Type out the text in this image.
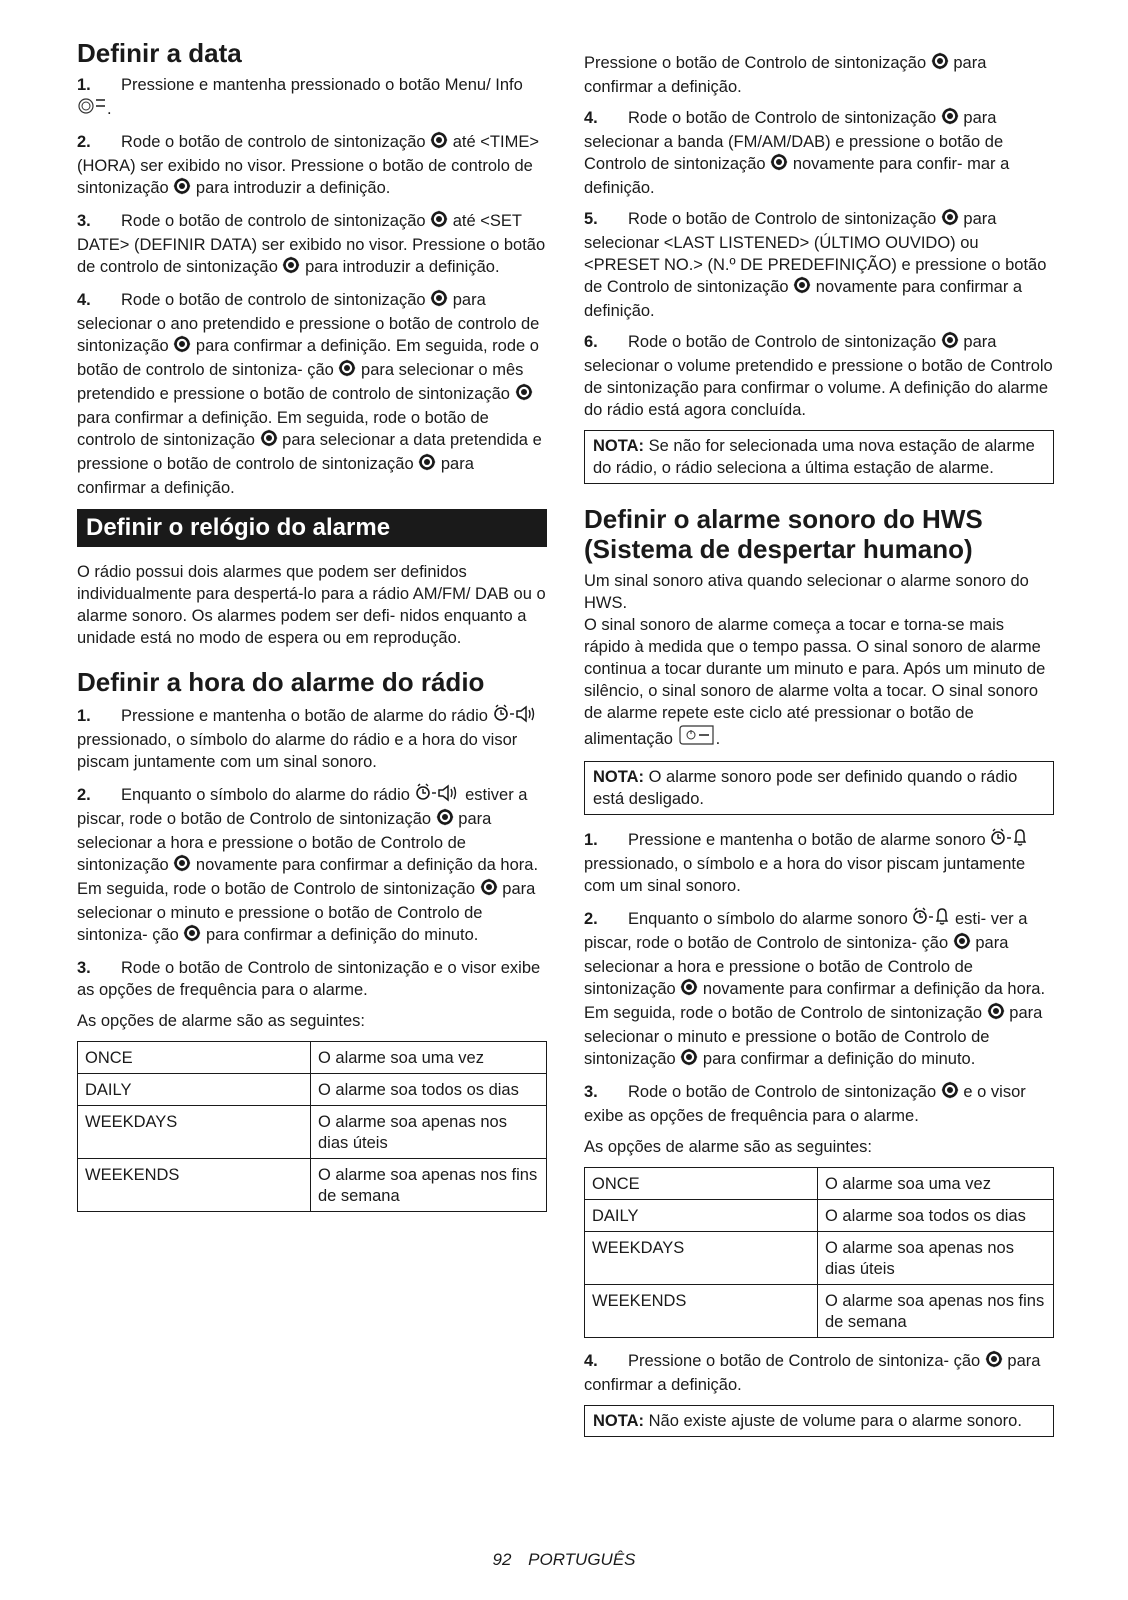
Definir a data

1. Pressione e mantenha pressionado o botão Menu/ Info .

2. Rode o botão de controlo de sintonização até <TIME> (HORA) ser exibido no visor. Pressione o botão de controlo de sintonização para introduzir a definição.

3. Rode o botão de controlo de sintonização até <SET DATE> (DEFINIR DATA) ser exibido no visor. Pressione o botão de controlo de sintonização para introduzir a definição.

4. Rode o botão de controlo de sintonização para selecionar o ano pretendido e pressione o botão de controlo de sintonização para confirmar a definição. Em seguida, rode o botão de controlo de sintoniza- ção para selecionar o mês pretendido e pressione o botão de controlo de sintonização  para confirmar a definição. Em seguida, rode o botão de controlo de sintonização para selecionar a data pretendida e pressione o botão de controlo de sintonização para confirmar a definição.

Definir o relógio do alarme

O rádio possui dois alarmes que podem ser definidos individualmente para despertá-lo para a rádio AM/FM/ DAB ou o alarme sonoro. Os alarmes podem ser defi- nidos enquanto a unidade está no modo de espera ou em reprodução.

Definir a hora do alarme do rádio

1. Pressione e mantenha o botão de alarme do rádio  pressionado, o símbolo do alarme do rádio e a hora do visor piscam juntamente com um sinal sonoro.

2. Enquanto o símbolo do alarme do rádio	estiver a piscar, rode o botão de Controlo de sintonização para selecionar a hora e pressione o botão de Controlo de sintonização novamente para confirmar a definição da hora. Em seguida, rode o botão de Controlo de sintonização para selecionar o minuto e pressione o botão de Controlo de sintoniza- ção para confirmar a definição do minuto.

3. Rode o botão de Controlo de sintonização e o visor exibe as opções de frequência para o alarme.

As opções de alarme são as seguintes:

ONCE	O alarme soa uma vez
DAILY	O alarme soa todos os dias
WEEKDAYS	O alarme soa apenas nos dias úteis
WEEKENDS	O alarme soa apenas nos fins de semana

Pressione o botão de Controlo de sintonização para confirmar a definição.

4. Rode o botão de Controlo de sintonização para selecionar a banda (FM/AM/DAB) e pressione o botão de Controlo de sintonização novamente para confir- mar a definição.

5. Rode o botão de Controlo de sintonização para selecionar <LAST LISTENED> (ÚLTIMO OUVIDO) ou <PRESET NO.> (N.º DE PREDEFINIÇÃO) e pressione o botão de Controlo de sintonização novamente para confirmar a definição.

6. Rode o botão de Controlo de sintonização para selecionar o volume pretendido e pressione o botão de Controlo de sintonização para confirmar o volume. A definição do alarme do rádio está agora concluída.

NOTA: Se não for selecionada uma nova estação de alarme do rádio, o rádio seleciona a última estação de alarme.
Definir o alarme sonoro do HWS (Sistema de despertar humano)

Um sinal sonoro ativa quando selecionar o alarme sonoro do HWS.

O sinal sonoro de alarme começa a tocar e torna-se mais rápido à medida que o tempo passa. O sinal sonoro de alarme continua a tocar durante um minuto e para. Após um minuto de silêncio, o sinal sonoro de alarme volta a tocar. O sinal sonoro de alarme repete este ciclo até pressionar o botão de alimentação	.

NOTA: O alarme sonoro pode ser definido quando o rádio está desligado.

1. Pressione e mantenha o botão de alarme sonoro  pressionado, o símbolo e a hora do visor piscam juntamente com um sinal sonoro.

2. Enquanto o símbolo do alarme sonoro	esti- ver a piscar, rode o botão de Controlo de sintoniza- ção para selecionar a hora e pressione o botão de Controlo de sintonização novamente para confirmar a definição da hora. Em seguida, rode o botão de Controlo de sintonização para selecionar o minuto e pressione o botão de Controlo de sintonização para confirmar a definição do minuto.

3. Rode o botão de Controlo de sintonização e o visor exibe as opções de frequência para o alarme.

As opções de alarme são as seguintes:

ONCE	O alarme soa uma vez
DAILY	O alarme soa todos os dias
WEEKDAYS	O alarme soa apenas nos dias úteis
WEEKENDS	O alarme soa apenas nos fins de semana

4. Pressione o botão de Controlo de sintoniza- ção para confirmar a definição.

NOTA: Não existe ajuste de volume para o alarme sonoro.
92 PORTUGUÊS
